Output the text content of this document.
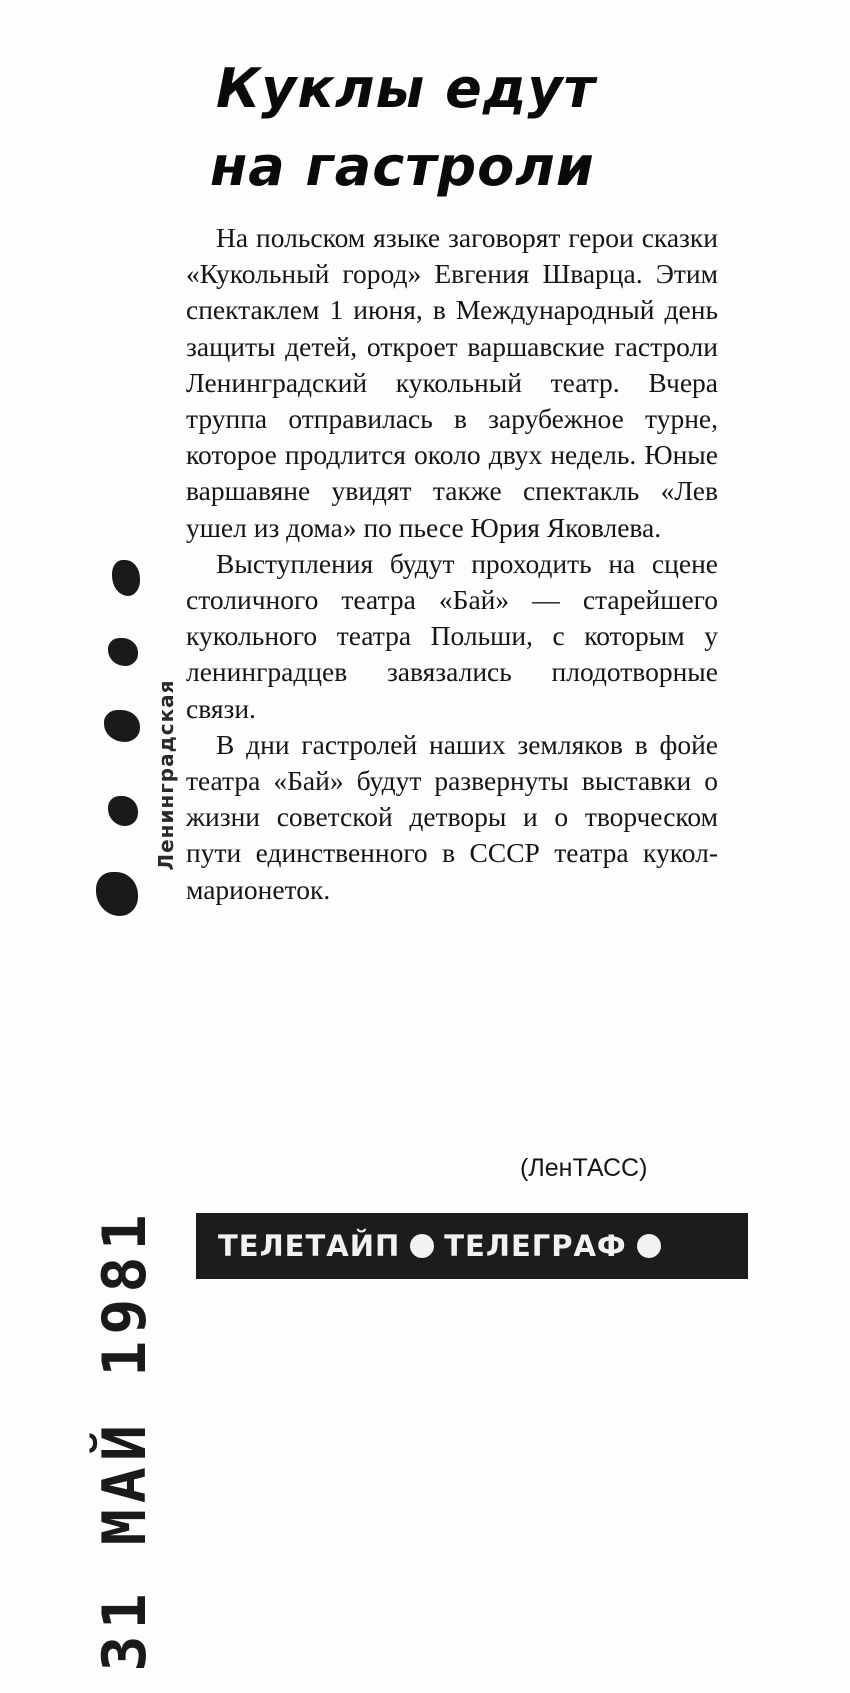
Куклы едут
на гастроли

На польском языке заговорят герои сказки «Кукольный город» Евгения Шварца. Этим спектаклем 1 июня, в Международный день защиты детей, откроет варшавские гастроли Ленинградский кукольный театр. Вчера труппа отправилась в зарубежное турне, которое продлится около двух недель. Юные варшавяне увидят также спектакль «Лев ушел из дома» по пьесе Юрия Яковлева.

Выступления будут проходить на сцене столичного театра «Бай» — старейшего кукольного театра Польши, с которым у ленинградцев завязались плодотворные связи.

В дни гастролей наших земляков в фойе театра «Бай» будут развернуты выставки о жизни советской детворы и о творческом пути единственного в СССР театра кукол-марионеток.

(ЛенТАСС)
ТЕЛЕТАЙП ТЕЛЕГРАФ
Ленинградская
31 МАЙ 1981
